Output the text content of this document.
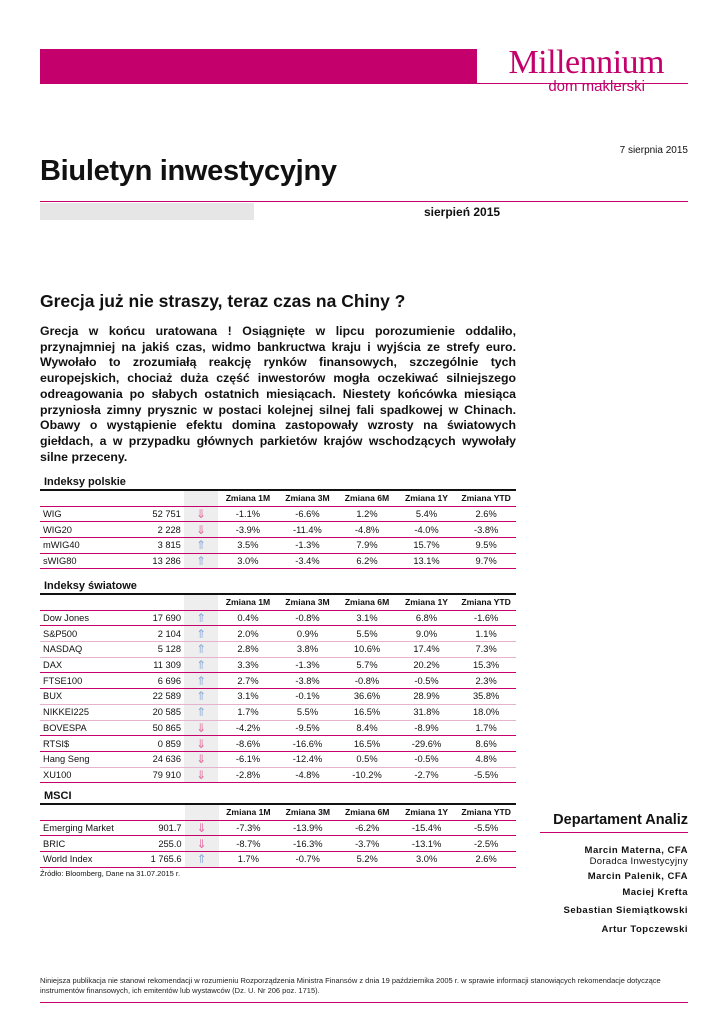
Millennium
dom maklerski
7 sierpnia 2015
Biuletyn inwestycyjny
sierpień 2015
Grecja już nie straszy, teraz czas na Chiny ?
Grecja w końcu uratowana ! Osiągnięte w lipcu porozumienie oddaliło, przynajmniej na jakiś czas, widmo bankructwa kraju i wyjścia ze strefy euro. Wywołało to zrozumiałą reakcję rynków finansowych, szczególnie tych europejskich, chociaż duża część inwestorów mogła oczekiwać silniejszego odreagowania po słabych ostatnich miesiącach. Niestety końcówka miesiąca przyniosła zimny prysznic w postaci kolejnej silnej fali spadkowej w Chinach. Obawy o wystąpienie efektu domina zastopowały wzrosty na światowych giełdach, a w przypadku głównych parkietów krajów wschodzących wywołały silne przeceny.
Indeksy polskie
			Zmiana 1M	Zmiana 3M	Zmiana 6M	Zmiana 1Y	Zmiana YTD
WIG	52 751	⇓	-1.1%	-6.6%	1.2%	5.4%	2.6%
WIG20	2 228	⇓	-3.9%	-11.4%	-4.8%	-4.0%	-3.8%
mWIG40	3 815	⇑	3.5%	-1.3%	7.9%	15.7%	9.5%
sWIG80	13 286	⇑	3.0%	-3.4%	6.2%	13.1%	9.7%
Indeksy światowe
			Zmiana 1M	Zmiana 3M	Zmiana 6M	Zmiana 1Y	Zmiana YTD
Dow Jones	17 690	⇑	0.4%	-0.8%	3.1%	6.8%	-1.6%
S&P500	2 104	⇑	2.0%	0.9%	5.5%	9.0%	1.1%
NASDAQ	5 128	⇑	2.8%	3.8%	10.6%	17.4%	7.3%
DAX	11 309	⇑	3.3%	-1.3%	5.7%	20.2%	15.3%
FTSE100	6 696	⇑	2.7%	-3.8%	-0.8%	-0.5%	2.3%
BUX	22 589	⇑	3.1%	-0.1%	36.6%	28.9%	35.8%
NIKKEI225	20 585	⇑	1.7%	5.5%	16.5%	31.8%	18.0%
BOVESPA	50 865	⇓	-4.2%	-9.5%	8.4%	-8.9%	1.7%
RTSI$	0 859	⇓	-8.6%	-16.6%	16.5%	-29.6%	8.6%
Hang Seng	24 636	⇓	-6.1%	-12.4%	0.5%	-0.5%	4.8%
XU100	79 910	⇓	-2.8%	-4.8%	-10.2%	-2.7%	-5.5%
MSCI
			Zmiana 1M	Zmiana 3M	Zmiana 6M	Zmiana 1Y	Zmiana YTD
Emerging Market	901.7	⇓	-7.3%	-13.9%	-6.2%	-15.4%	-5.5%
BRIC	255.0	⇓	-8.7%	-16.3%	-3.7%	-13.1%	-2.5%
World Index	1 765.6	⇑	1.7%	-0.7%	5.2%	3.0%	2.6%
Źródło: Bloomberg, Dane na 31.07.2015 r.
Departament Analiz
Marcin Materna, CFA
Doradca Inwestycyjny
Marcin Palenik, CFA
Maciej Krefta
Sebastian Siemiątkowski
Artur Topczewski
Niniejsza publikacja nie stanowi rekomendacji w rozumieniu Rozporządzenia Ministra Finansów z dnia 19 października 2005 r. w sprawie informacji stanowiących rekomendacje dotyczące instrumentów finansowych, ich emitentów lub wystawców (Dz. U. Nr 206 poz. 1715).
